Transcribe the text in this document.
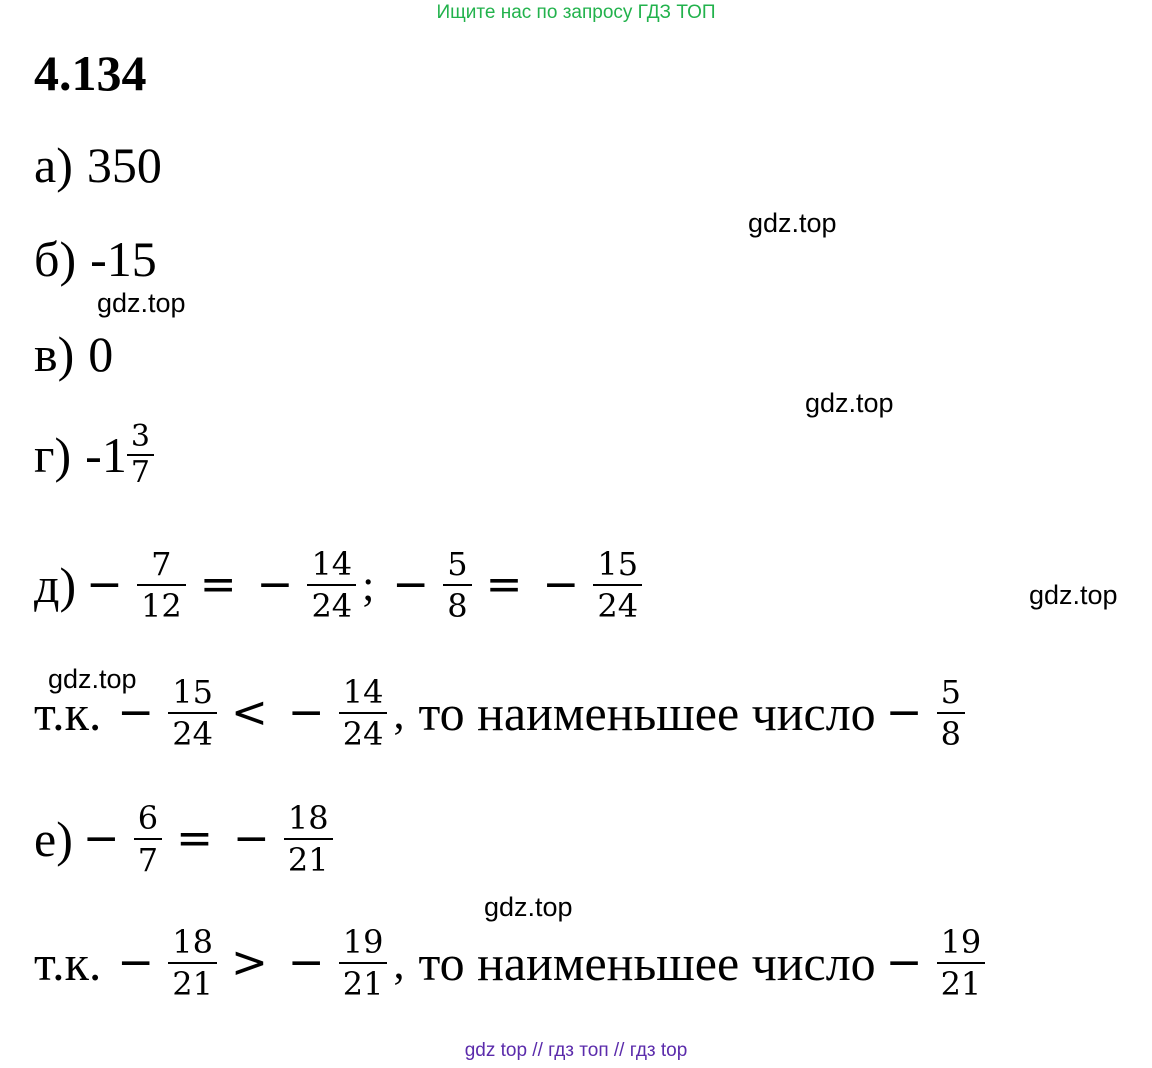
Ищите нас по запросу ГДЗ ТОП
4.134
а) 350
б) -15
в) 0
г) $-1 \frac{3}{7}$
$д) - \frac{7}{12}$ = − $\frac{14}{24}$ ; − $\frac{5}{8}$ = − $\frac{15}{24}$
т.к. − $\frac{15}{24}$ < − $\frac{14}{24}$ , то наименьшее число − $\frac{5}{8}$
$е) - \frac{6}{7}$ = − $\frac{18}{21}$
т.к. − $\frac{18}{21}$ > − $\frac{19}{21}$ , то наименьшее число − $\frac{19}{21}$
gdz.top
gdz.top
gdz.top
gdz.top
gdz.top
gdz.top
gdz top // гдз топ // гдз top
